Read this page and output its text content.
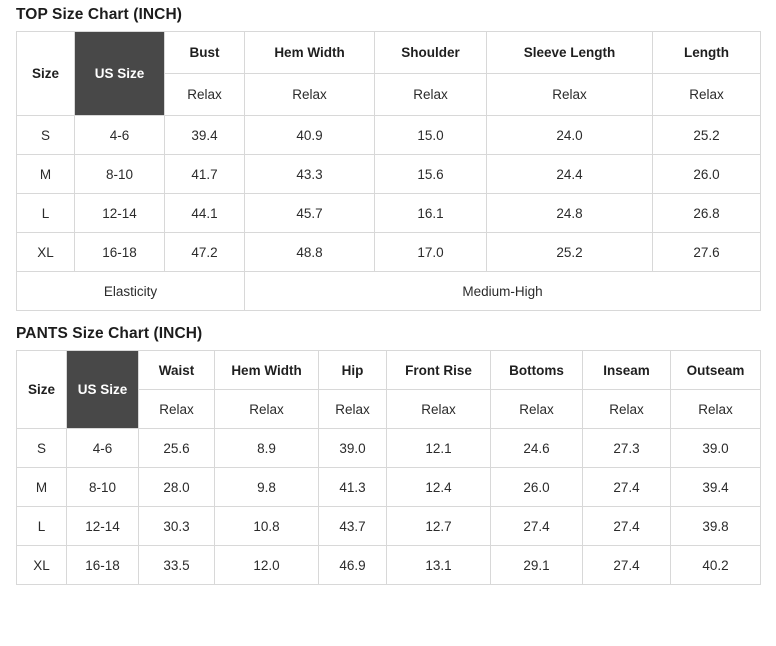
TOP Size Chart (INCH)
Size	US Size	Bust	Hem Width	Shoulder	Sleeve Length	Length
		Relax	Relax	Relax	Relax	Relax
S	4-6	39.4	40.9	15.0	24.0	25.2
M	8-10	41.7	43.3	15.6	24.4	26.0
L	12-14	44.1	45.7	16.1	24.8	26.8
XL	16-18	47.2	48.8	17.0	25.2	27.6
Elasticity			Medium-High			
PANTS Size Chart (INCH)
Size	US Size	Waist	Hem Width	Hip	Front Rise	Bottoms	Inseam	Outseam
		Relax	Relax	Relax	Relax	Relax	Relax	Relax
S	4-6	25.6	8.9	39.0	12.1	24.6	27.3	39.0
M	8-10	28.0	9.8	41.3	12.4	26.0	27.4	39.4
L	12-14	30.3	10.8	43.7	12.7	27.4	27.4	39.8
XL	16-18	33.5	12.0	46.9	13.1	29.1	27.4	40.2
